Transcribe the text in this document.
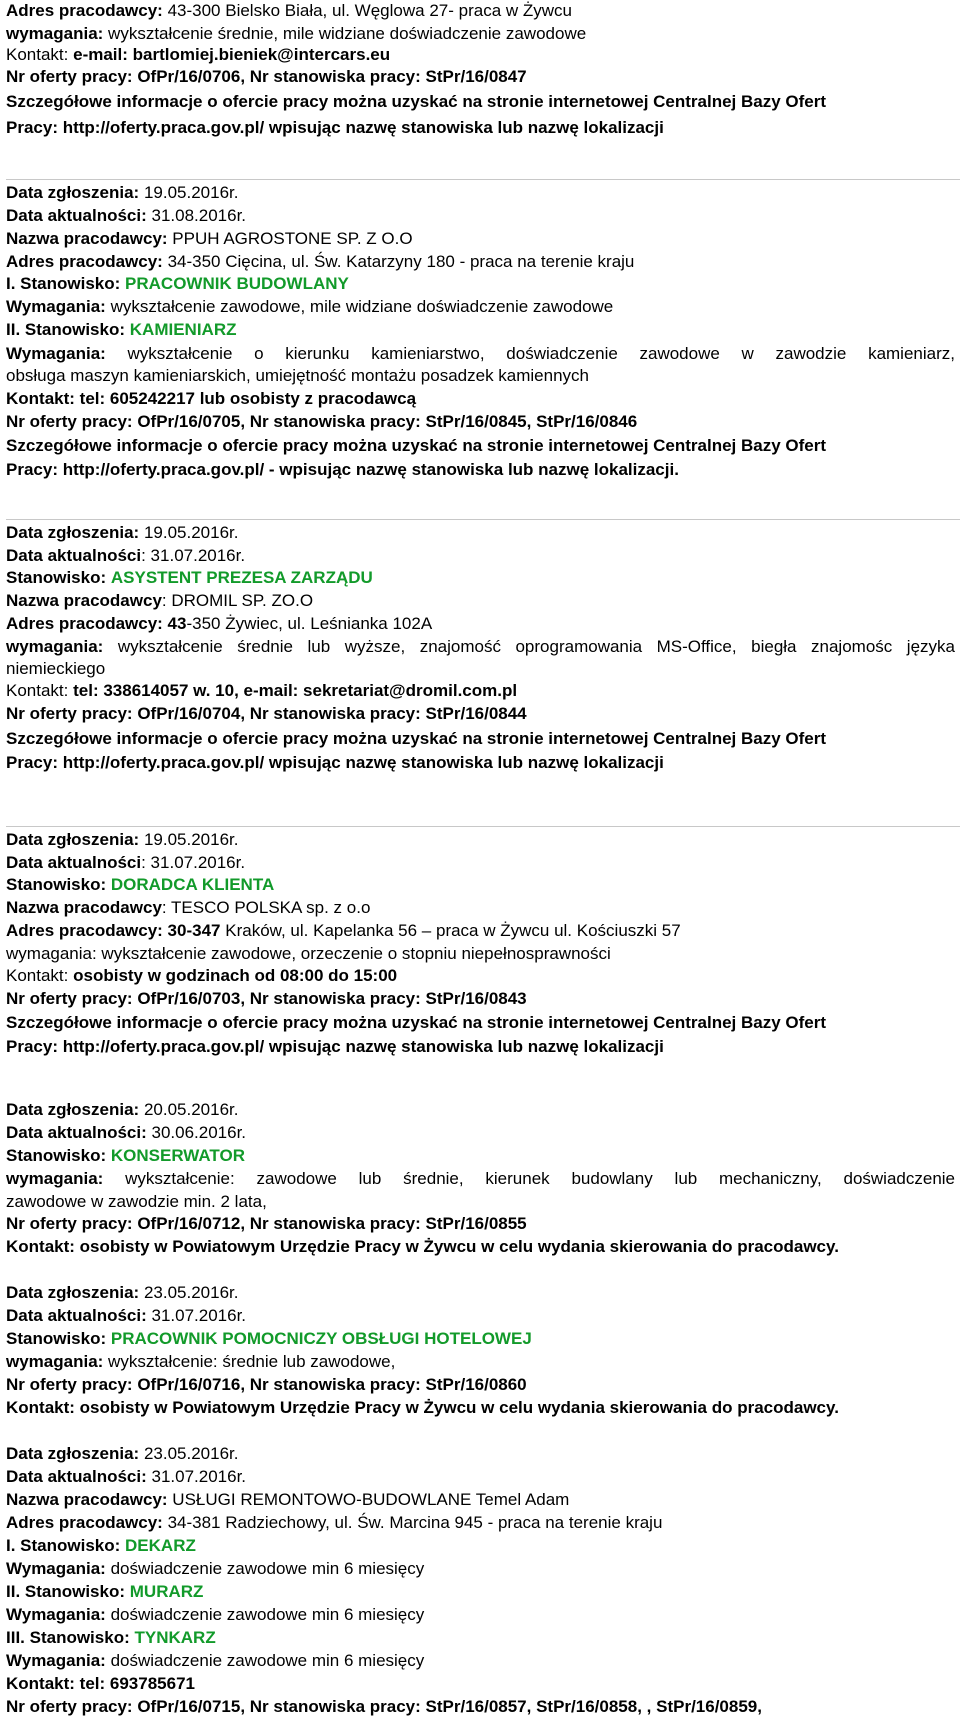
Adres pracodawcy: 43-300 Bielsko Biała, ul. Węglowa 27- praca w Żywcu
wymagania: wykształcenie średnie, mile widziane doświadczenie zawodowe
Kontakt: e-mail: bartlomiej.bieniek@intercars.eu
Nr oferty pracy: OfPr/16/0706, Nr stanowiska pracy: StPr/16/0847
Szczegółowe informacje o ofercie pracy można uzyskać na stronie internetowej Centralnej Bazy Ofert
Pracy: http://oferty.praca.gov.pl/ wpisując nazwę stanowiska lub nazwę lokalizacji
Data zgłoszenia: 19.05.2016r.
Data aktualności: 31.08.2016r.
Nazwa pracodawcy: PPUH AGROSTONE SP. Z O.O
Adres pracodawcy: 34-350 Cięcina, ul. Św. Katarzyny 180 - praca na terenie kraju
I. Stanowisko: PRACOWNIK BUDOWLANY
Wymagania: wykształcenie zawodowe, mile widziane doświadczenie zawodowe
II. Stanowisko: KAMIENIARZ
Wymagania: wykształcenie o kierunku kamieniarstwo, doświadczenie zawodowe w zawodzie kamieniarz,
obsługa maszyn kamieniarskich, umiejętność montażu posadzek kamiennych
Kontakt: tel: 605242217 lub osobisty z pracodawcą
Nr oferty pracy: OfPr/16/0705, Nr stanowiska pracy: StPr/16/0845, StPr/16/0846
Szczegółowe informacje o ofercie pracy można uzyskać na stronie internetowej Centralnej Bazy Ofert
Pracy: http://oferty.praca.gov.pl/ - wpisując nazwę stanowiska lub nazwę lokalizacji.
Data zgłoszenia: 19.05.2016r.
Data aktualności: 31.07.2016r.
Stanowisko: ASYSTENT PREZESA ZARZĄDU
Nazwa pracodawcy: DROMIL SP. ZO.O
Adres pracodawcy: 43-350 Żywiec, ul. Leśnianka 102A
wymagania: wykształcenie średnie lub wyższe, znajomość oprogramowania MS-Office, biegła znajomośc języka
niemieckiego
Kontakt: tel: 338614057 w. 10, e-mail: sekretariat@dromil.com.pl
Nr oferty pracy: OfPr/16/0704, Nr stanowiska pracy: StPr/16/0844
Szczegółowe informacje o ofercie pracy można uzyskać na stronie internetowej Centralnej Bazy Ofert
Pracy: http://oferty.praca.gov.pl/ wpisując nazwę stanowiska lub nazwę lokalizacji
Data zgłoszenia: 19.05.2016r.
Data aktualności: 31.07.2016r.
Stanowisko: DORADCA KLIENTA
Nazwa pracodawcy: TESCO POLSKA sp. z o.o
Adres pracodawcy: 30-347 Kraków, ul. Kapelanka 56 – praca w Żywcu ul. Kościuszki 57
wymagania: wykształcenie zawodowe, orzeczenie o stopniu niepełnosprawności
Kontakt: osobisty w godzinach od 08:00 do 15:00
Nr oferty pracy: OfPr/16/0703, Nr stanowiska pracy: StPr/16/0843
Szczegółowe informacje o ofercie pracy można uzyskać na stronie internetowej Centralnej Bazy Ofert
Pracy: http://oferty.praca.gov.pl/ wpisując nazwę stanowiska lub nazwę lokalizacji
Data zgłoszenia: 20.05.2016r.
Data aktualności: 30.06.2016r.
Stanowisko: KONSERWATOR
wymagania: wykształcenie: zawodowe lub średnie, kierunek budowlany lub mechaniczny, doświadczenie
zawodowe w zawodzie min. 2 lata,
Nr oferty pracy: OfPr/16/0712, Nr stanowiska pracy: StPr/16/0855
Kontakt: osobisty w Powiatowym Urzędzie Pracy w Żywcu w celu wydania skierowania do pracodawcy.
Data zgłoszenia: 23.05.2016r.
Data aktualności: 31.07.2016r.
Stanowisko: PRACOWNIK POMOCNICZY OBSŁUGI HOTELOWEJ
wymagania: wykształcenie: średnie lub zawodowe,
Nr oferty pracy: OfPr/16/0716, Nr stanowiska pracy: StPr/16/0860
Kontakt: osobisty w Powiatowym Urzędzie Pracy w Żywcu w celu wydania skierowania do pracodawcy.
Data zgłoszenia: 23.05.2016r.
Data aktualności: 31.07.2016r.
Nazwa pracodawcy: USŁUGI REMONTOWO-BUDOWLANE Temel Adam
Adres pracodawcy: 34-381 Radziechowy, ul. Św. Marcina 945 - praca na terenie kraju
I. Stanowisko: DEKARZ
Wymagania: doświadczenie zawodowe min 6 miesięcy
II. Stanowisko: MURARZ
Wymagania: doświadczenie zawodowe min 6 miesięcy
III. Stanowisko: TYNKARZ
Wymagania: doświadczenie zawodowe min 6 miesięcy
Kontakt: tel: 693785671
Nr oferty pracy: OfPr/16/0715, Nr stanowiska pracy: StPr/16/0857, StPr/16/0858, , StPr/16/0859,
